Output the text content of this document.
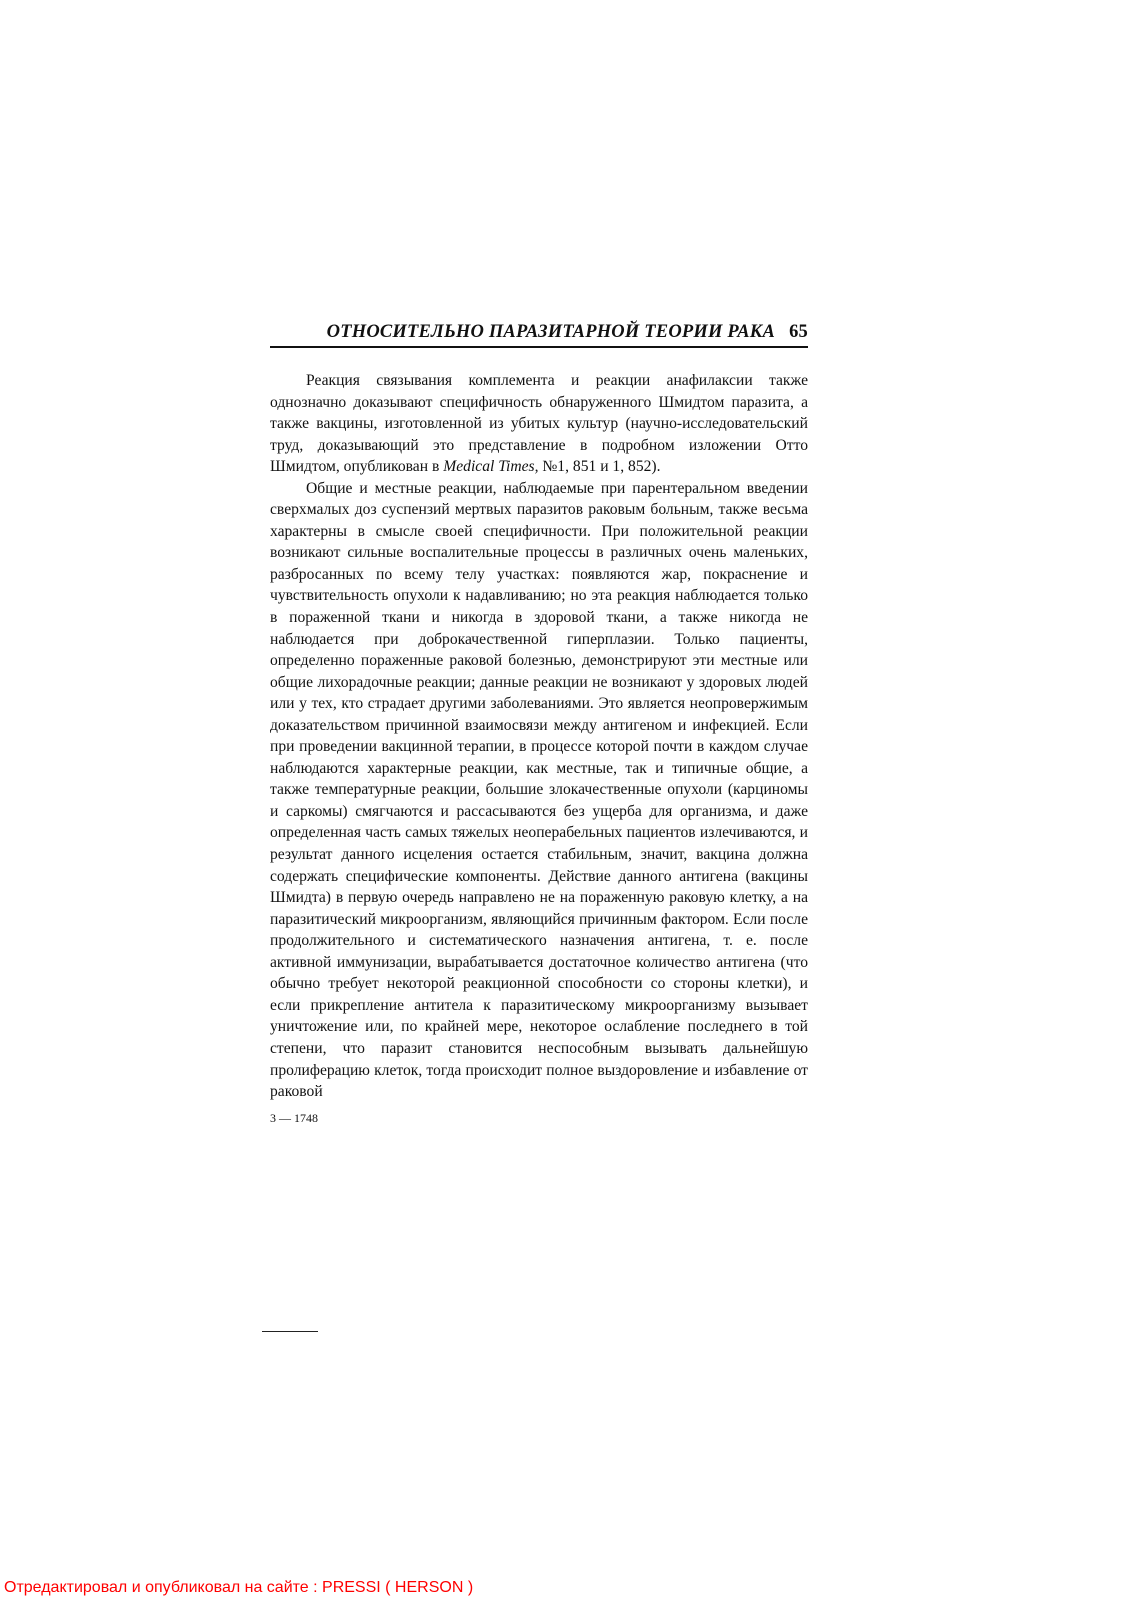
ОТНОСИТЕЛЬНО ПАРАЗИТАРНОЙ ТЕОРИИ РАКА 65

Реакция связывания комплемента и реакции анафилаксии также однозначно доказывают специфичность обнаруженного Шмидтом паразита, а также вакцины, изготовленной из убитых культур (научно-исследовательский труд, доказывающий это представление в подробном изложении Отто Шмидтом, опубликован в Medical Times, №1, 851 и 1, 852).

Общие и местные реакции, наблюдаемые при парентеральном введении сверхмалых доз суспензий мертвых паразитов раковым больным, также весьма характерны в смысле своей специфичности. При положительной реакции возникают сильные воспалительные процессы в различных очень маленьких, разбросанных по всему телу участках: появляются жар, покраснение и чувствительность опухоли к надавливанию; но эта реакция наблюдается только в пораженной ткани и никогда в здоровой ткани, а также никогда не наблюдается при доброкачественной гиперплазии. Только пациенты, определенно пораженные раковой болезнью, демонстрируют эти местные или общие лихорадочные реакции; данные реакции не возникают у здоровых людей или у тех, кто страдает другими заболеваниями. Это является неопровержимым доказательством причинной взаимосвязи между антигеном и инфекцией. Если при проведении вакцинной терапии, в процессе которой почти в каждом случае наблюдаются характерные реакции, как местные, так и типичные общие, а также температурные реакции, большие злокачественные опухоли (карциномы и саркомы) смягчаются и рассасываются без ущерба для организма, и даже определенная часть самых тяжелых неоперабельных пациентов излечиваются, и результат данного исцеления остается стабильным, значит, вакцина должна содержать специфические компоненты. Действие данного антигена (вакцины Шмидта) в первую очередь направлено не на пораженную раковую клетку, а на паразитический микроорганизм, являющийся причинным фактором. Если после продолжительного и систематического назначения антигена, т. е. после активной иммунизации, вырабатывается достаточное количество антигена (что обычно требует некоторой реакционной способности со стороны клетки), и если прикрепление антитела к паразитическому микроорганизму вызывает уничтожение или, по крайней мере, некоторое ослабление последнего в той степени, что паразит становится неспособным вызывать дальнейшую пролиферацию клеток, тогда происходит полное выздоровление и избавление от раковой

3 — 1748
Отредактировал и опубликовал на сайте : PRESSI ( HERSON )
